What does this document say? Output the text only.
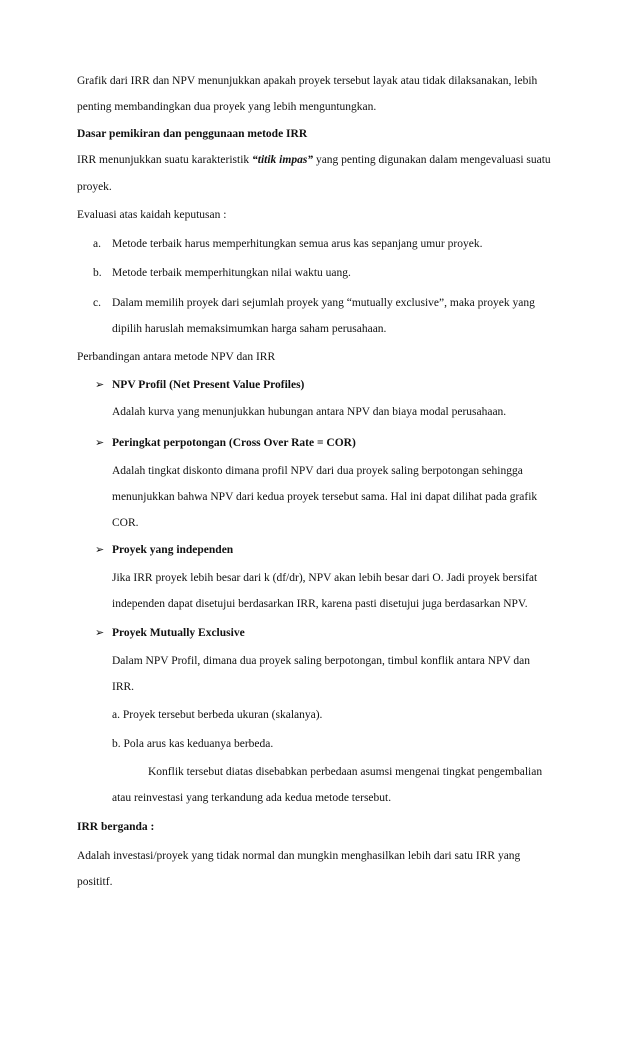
Grafik dari IRR dan NPV menunjukkan apakah proyek tersebut layak atau tidak dilaksanakan, lebih
penting membandingkan dua proyek yang lebih menguntungkan.
Dasar pemikiran dan penggunaan metode IRR
IRR menunjukkan suatu karakteristik “titik impas” yang penting digunakan dalam mengevaluasi suatu
proyek.
Evaluasi atas kaidah keputusan :
a. Metode terbaik harus memperhitungkan semua arus kas sepanjang umur proyek.
b. Metode terbaik memperhitungkan nilai waktu uang.
c. Dalam memilih proyek dari sejumlah proyek yang “mutually exclusive”, maka proyek yang
dipilih haruslah memaksimumkan harga saham perusahaan.
Perbandingan antara metode NPV dan IRR
➢ NPV Profil (Net Present Value Profiles)
Adalah kurva yang menunjukkan hubungan antara NPV dan biaya modal perusahaan.
➢ Peringkat perpotongan (Cross Over Rate = COR)
Adalah tingkat diskonto dimana profil NPV dari dua proyek saling berpotongan sehingga
menunjukkan bahwa NPV dari kedua proyek tersebut sama. Hal ini dapat dilihat pada grafik
COR.
➢ Proyek yang independen
Jika IRR proyek lebih besar dari k (df/dr), NPV akan lebih besar dari O. Jadi proyek bersifat
independen dapat disetujui berdasarkan IRR, karena pasti disetujui juga berdasarkan NPV.
➢ Proyek Mutually Exclusive
Dalam NPV Profil, dimana dua proyek saling berpotongan, timbul konflik antara NPV dan
IRR.
a. Proyek tersebut berbeda ukuran (skalanya).
b. Pola arus kas keduanya berbeda.
Konflik tersebut diatas disebabkan perbedaan asumsi mengenai tingkat pengembalian
atau reinvestasi yang terkandung ada kedua metode tersebut.
IRR berganda :
Adalah investasi/proyek yang tidak normal dan mungkin menghasilkan lebih dari satu IRR yang
posititf.
